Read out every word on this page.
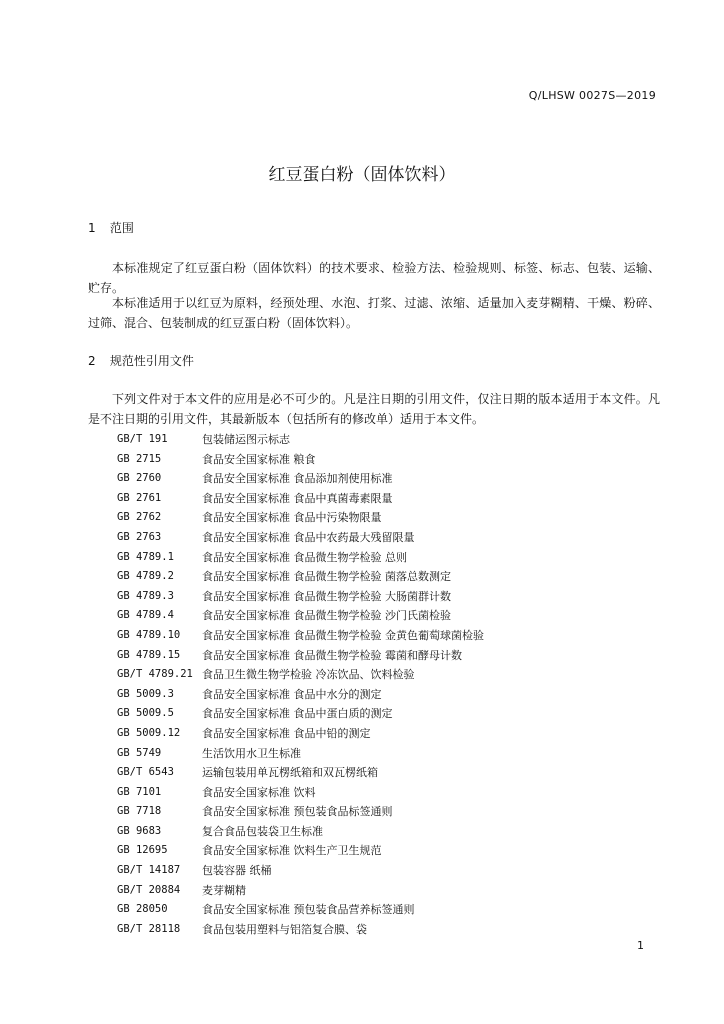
Q/LHSW 0027S—2019
红豆蛋白粉（固体饮料）
1 范围
本标准规定了红豆蛋白粉（固体饮料）的技术要求、检验方法、检验规则、标签、标志、包装、运输、贮存。
本标准适用于以红豆为原料，经预处理、水泡、打浆、过滤、浓缩、适量加入麦芽糊精、干燥、粉碎、过筛、混合、包装制成的红豆蛋白粉（固体饮料）。
2 规范性引用文件
下列文件对于本文件的应用是必不可少的。凡是注日期的引用文件，仅注日期的版本适用于本文件。凡是不注日期的引用文件，其最新版本（包括所有的修改单）适用于本文件。
GB/T 191	包装储运图示标志
GB 2715	食品安全国家标准 粮食
GB 2760	食品安全国家标准 食品添加剂使用标准
GB 2761	食品安全国家标准 食品中真菌毒素限量
GB 2762	食品安全国家标准 食品中污染物限量
GB 2763	食品安全国家标准 食品中农药最大残留限量
GB 4789.1	食品安全国家标准 食品微生物学检验 总则
GB 4789.2	食品安全国家标准 食品微生物学检验 菌落总数测定
GB 4789.3	食品安全国家标准 食品微生物学检验 大肠菌群计数
GB 4789.4	食品安全国家标准 食品微生物学检验 沙门氏菌检验
GB 4789.10	食品安全国家标准 食品微生物学检验 金黄色葡萄球菌检验
GB 4789.15	食品安全国家标准 食品微生物学检验 霉菌和酵母计数
GB/T 4789.21 食品卫生微生物学检验 冷冻饮品、饮料检验
GB 5009.3	食品安全国家标准 食品中水分的测定
GB 5009.5	食品安全国家标准 食品中蛋白质的测定
GB 5009.12	食品安全国家标准 食品中铅的测定
GB 5749	生活饮用水卫生标准
GB/T 6543	运输包装用单瓦楞纸箱和双瓦楞纸箱
GB 7101	食品安全国家标准 饮料
GB 7718	食品安全国家标准 预包装食品标签通则
GB 9683	复合食品包装袋卫生标准
GB 12695	食品安全国家标准 饮料生产卫生规范
GB/T 14187	包装容器 纸桶
GB/T 20884	麦芽糊精
GB 28050	食品安全国家标准 预包装食品营养标签通则
GB/T 28118	食品包装用塑料与铝箔复合膜、袋
1
